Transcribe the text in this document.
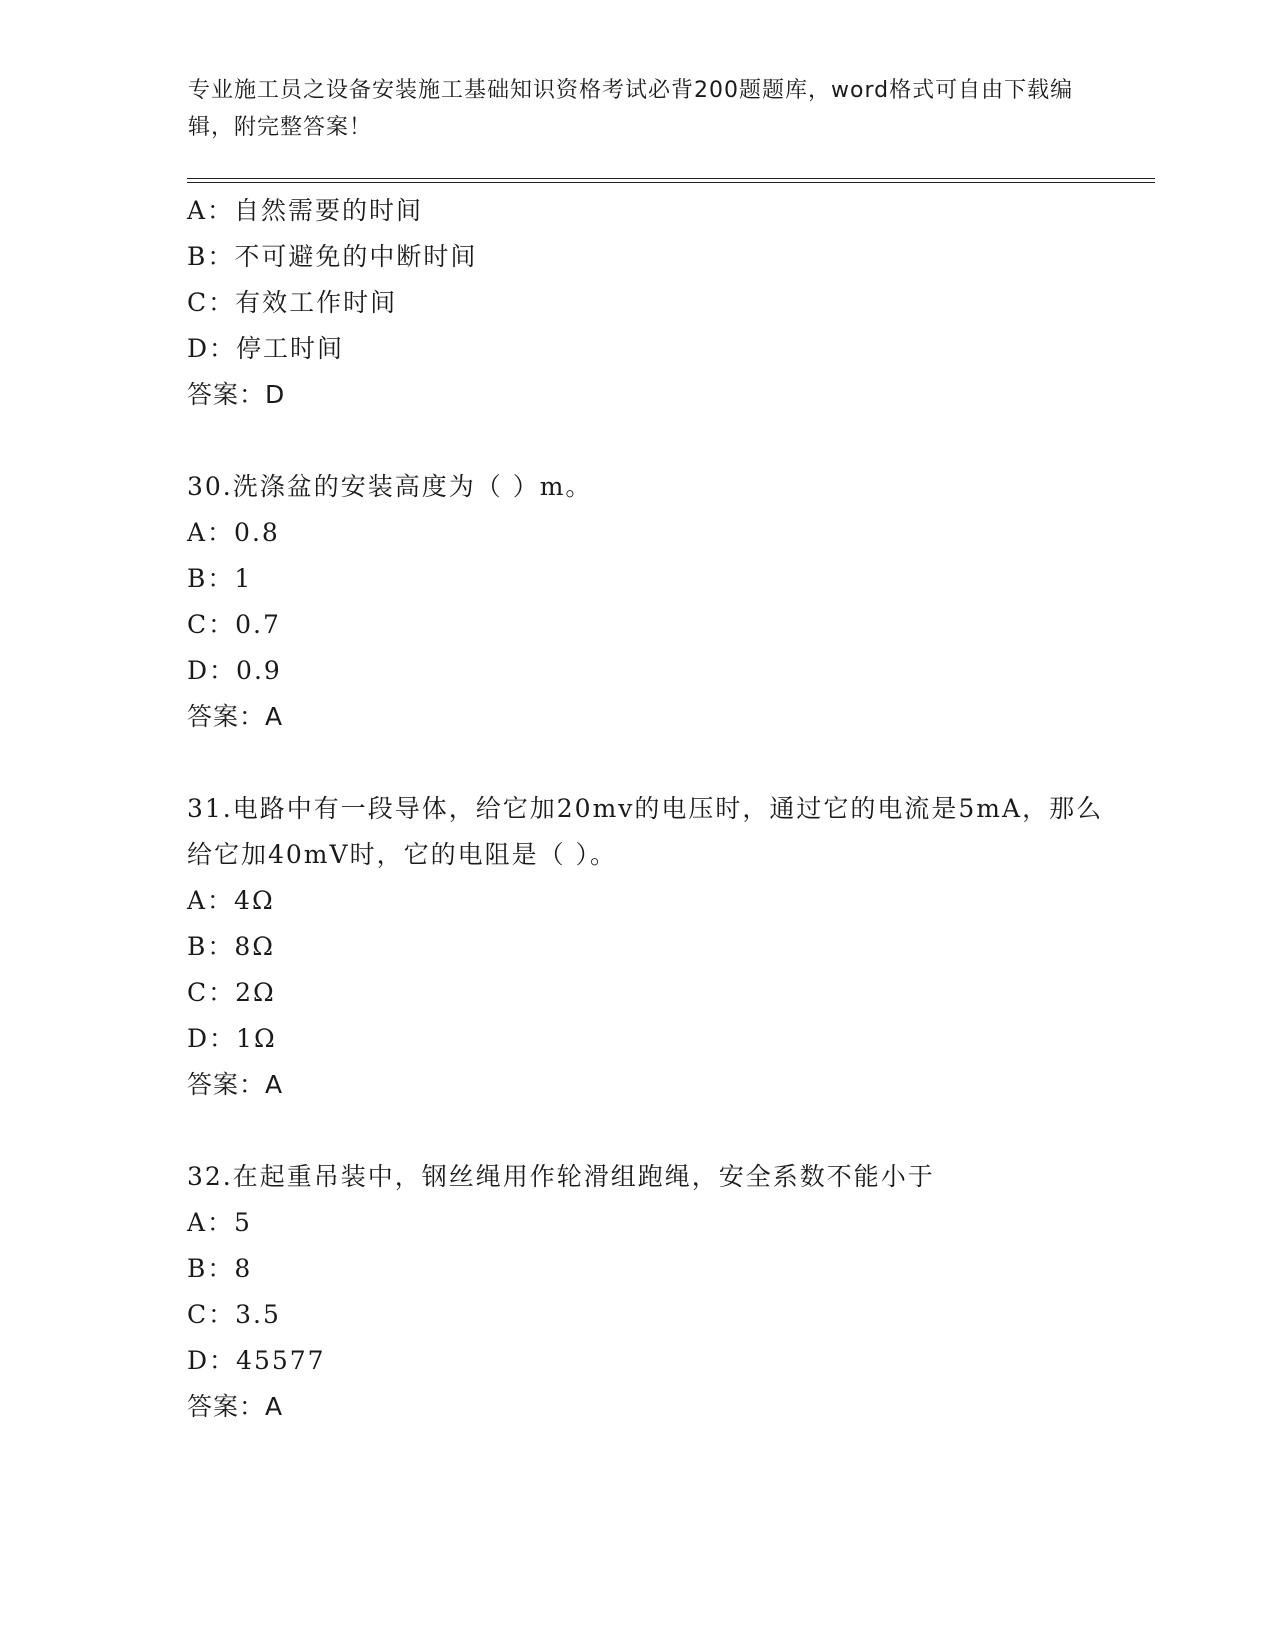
专业施工员之设备安装施工基础知识资格考试必背200题题库，word格式可自由下载编辑，附完整答案！
A：自然需要的时间
B：不可避免的中断时间
C：有效工作时间
D：停工时间
答案：D
30.洗涤盆的安装高度为（ ）m。
A：0.8
B：1
C：0.7
D：0.9
答案：A
31.电路中有一段导体，给它加20mv的电压时，通过它的电流是5mA，那么给它加40mV时，它的电阻是（ ）。
A：4Ω
B：8Ω
C：2Ω
D：1Ω
答案：A
32.在起重吊装中，钢丝绳用作轮滑组跑绳，安全系数不能小于
A：5
B：8
C：3.5
D：45577
答案：A
